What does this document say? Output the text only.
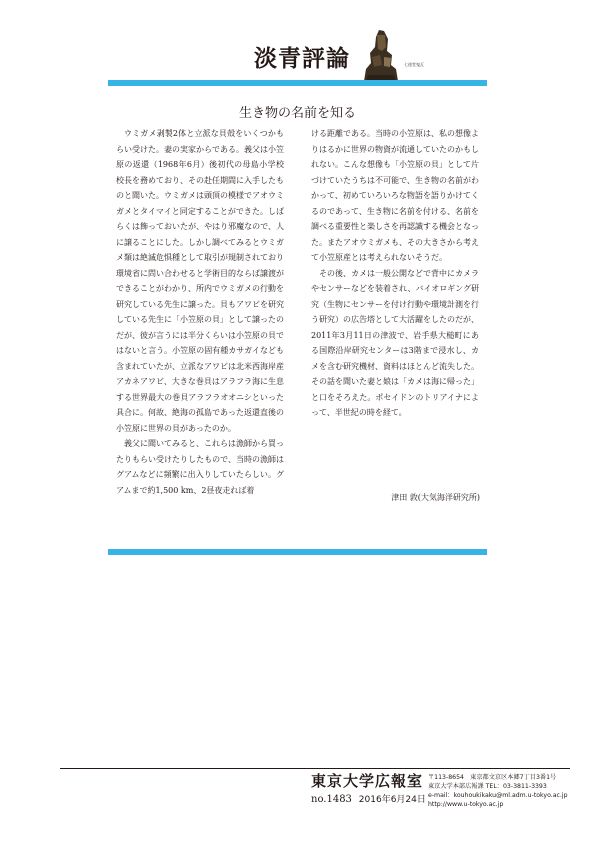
淡青評論	七徳堂鬼瓦
生き物の名前を知る

ウミガメ剥製2体と立派な貝殻をいくつかもらい受けた。妻の実家からである。義父は小笠原の返還（1968年6月）後初代の母島小学校校長を務めており、その赴任期間に入手したものと聞いた。ウミガメは頭頂の模様でアオウミガメとタイマイと同定することができた。しばらくは飾っておいたが、やはり邪魔なので、人に譲ることにした。しかし調べてみるとウミガメ類は絶滅危惧種として取引が規制されており環境省に問い合わせると学術目的ならば譲渡ができることがわかり、所内でウミガメの行動を研究している先生に譲った。貝もアワビを研究している先生に「小笠原の貝」として譲ったのだが、彼が言うには半分くらいは小笠原の貝ではないと言う。小笠原の固有種カサガイなども含まれていたが、立派なアワビは北米西海岸産アカネアワビ、大きな巻貝はアラフラ海に生息する世界最大の巻貝アラフラオオニシといった具合に。何故、絶海の孤島であった返還直後の小笠原に世界の貝があったのか。

義父に聞いてみると、これらは漁師から買ったりもらい受けたりしたもので、当時の漁師はグアムなどに頻繁に出入りしていたらしい。グアムまで約1,500 km、2昼夜走れば着

ける距離である。当時の小笠原は、私の想像よりはるかに世界の物資が流通していたのかもしれない。こんな想像も「小笠原の貝」として片づけていたうちは不可能で、生き物の名前がわかって、初めていろいろな物語を語りかけてくるのであって、生き物に名前を付ける、名前を調べる重要性と楽しさを再認識する機会となった。またアオウミガメも、その大きさから考えて小笠原産とは考えられないそうだ。

その後、カメは一般公開などで背中にカメラやセンサーなどを装着され、バイオロギング研究（生物にセンサーを付け行動や環境計測を行う研究）の広告塔として大活躍をしたのだが、2011年3月11日の津波で、岩手県大槌町にある国際沿岸研究センターは3階まで浸水し、カメを含む研究機材、資料はほとんど流失した。その話を聞いた妻と娘は「カメは海に帰った」と口をそろえた。ポセイドンのトリアイナによって、半世紀の時を経て。

津田 敦(大気海洋研究所)
東京大学広報室
no.1483 2016年6月24日
〒113-8654　東京都文京区本郷7丁目3番1号
東京大学本部広報課 TEL：03-3811-3393
e-mail：kouhoukikaku@ml.adm.u-tokyo.ac.jp
http://www.u-tokyo.ac.jp
